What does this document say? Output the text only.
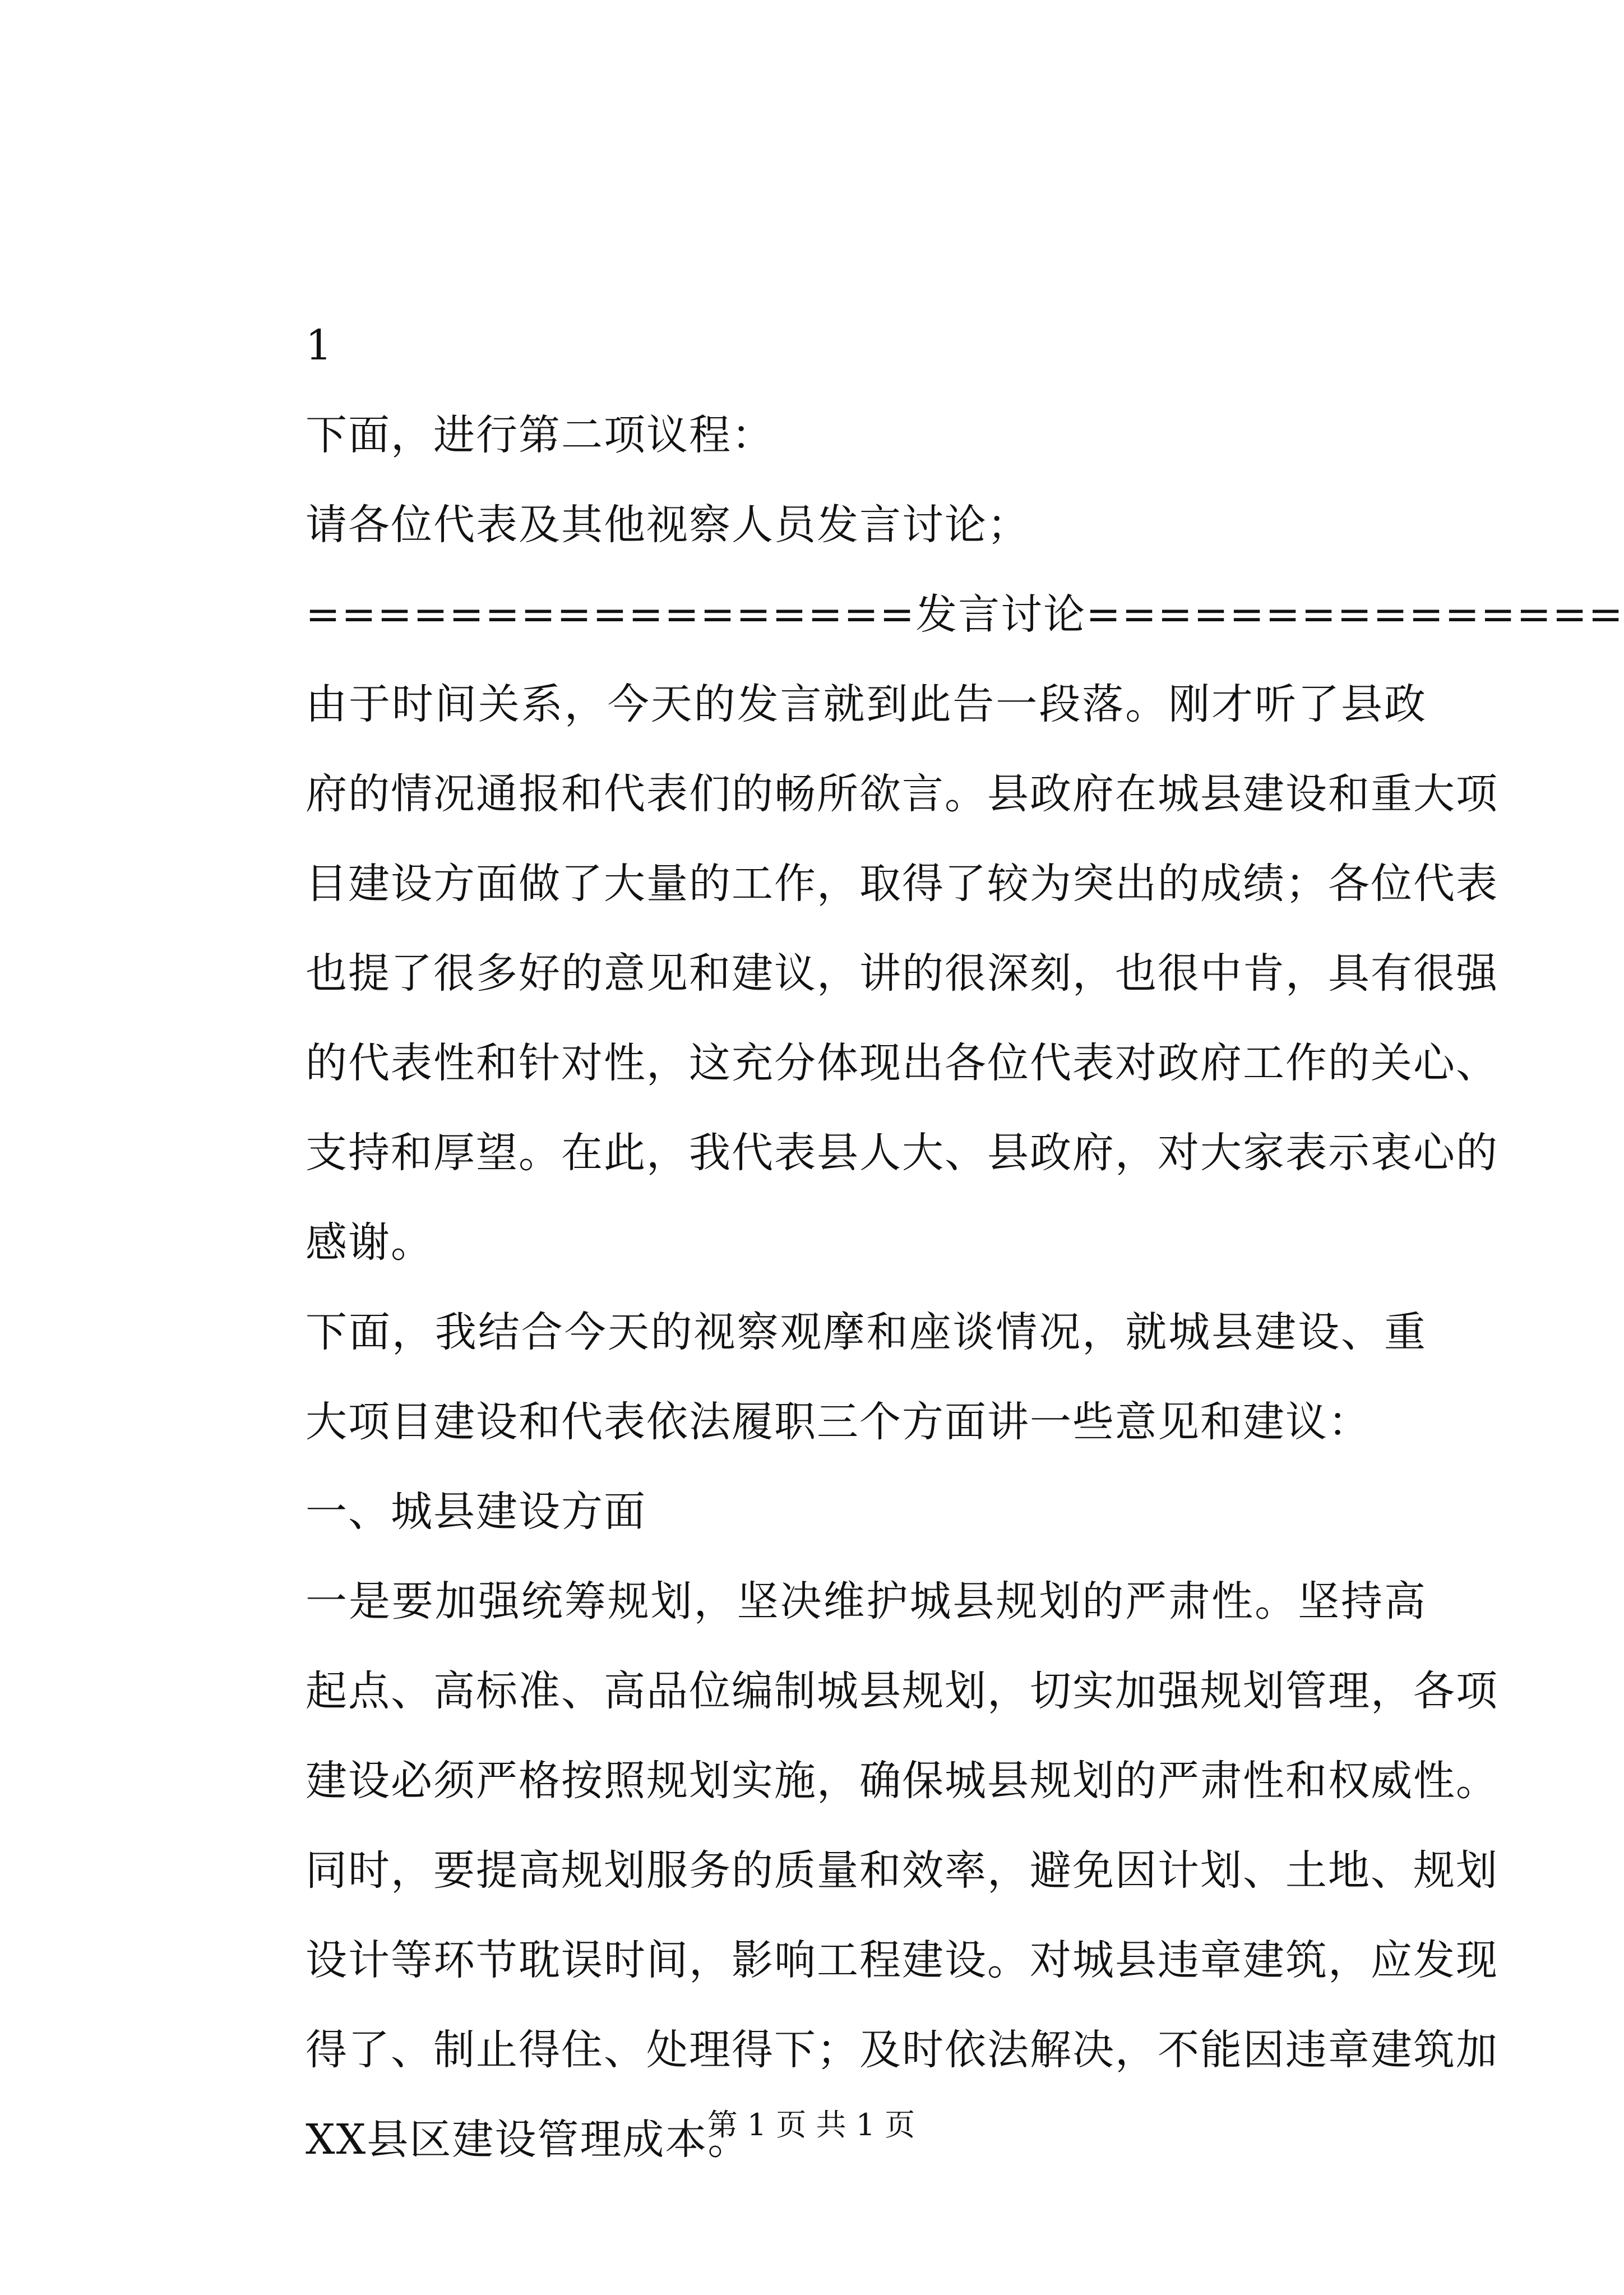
1
下面，进行第二项议程：
请各位代表及其他视察人员发言讨论；
=================发言讨论===============
由于时间关系，今天的发言就到此告一段落。刚才听了县政
府的情况通报和代表们的畅所欲言。县政府在城县建设和重大项
目建设方面做了大量的工作，取得了较为突出的成绩；各位代表
也提了很多好的意见和建议，讲的很深刻，也很中肯，具有很强
的代表性和针对性，这充分体现出各位代表对政府工作的关心、
支持和厚望。在此，我代表县人大、县政府，对大家表示衷心的
感谢。
下面，我结合今天的视察观摩和座谈情况，就城县建设、重
大项目建设和代表依法履职三个方面讲一些意见和建议：
一、城县建设方面
一是要加强统筹规划，坚决维护城县规划的严肃性。坚持高
起点、高标准、高品位编制城县规划，切实加强规划管理，各项
建设必须严格按照规划实施，确保城县规划的严肃性和权威性。
同时，要提高规划服务的质量和效率，避免因计划、土地、规划
设计等环节耽误时间，影响工程建设。对城县违章建筑，应发现
得了、制止得住、处理得下；及时依法解决，不能因违章建筑加
XX县区建设管理成本。
第 1 页 共 1 页
